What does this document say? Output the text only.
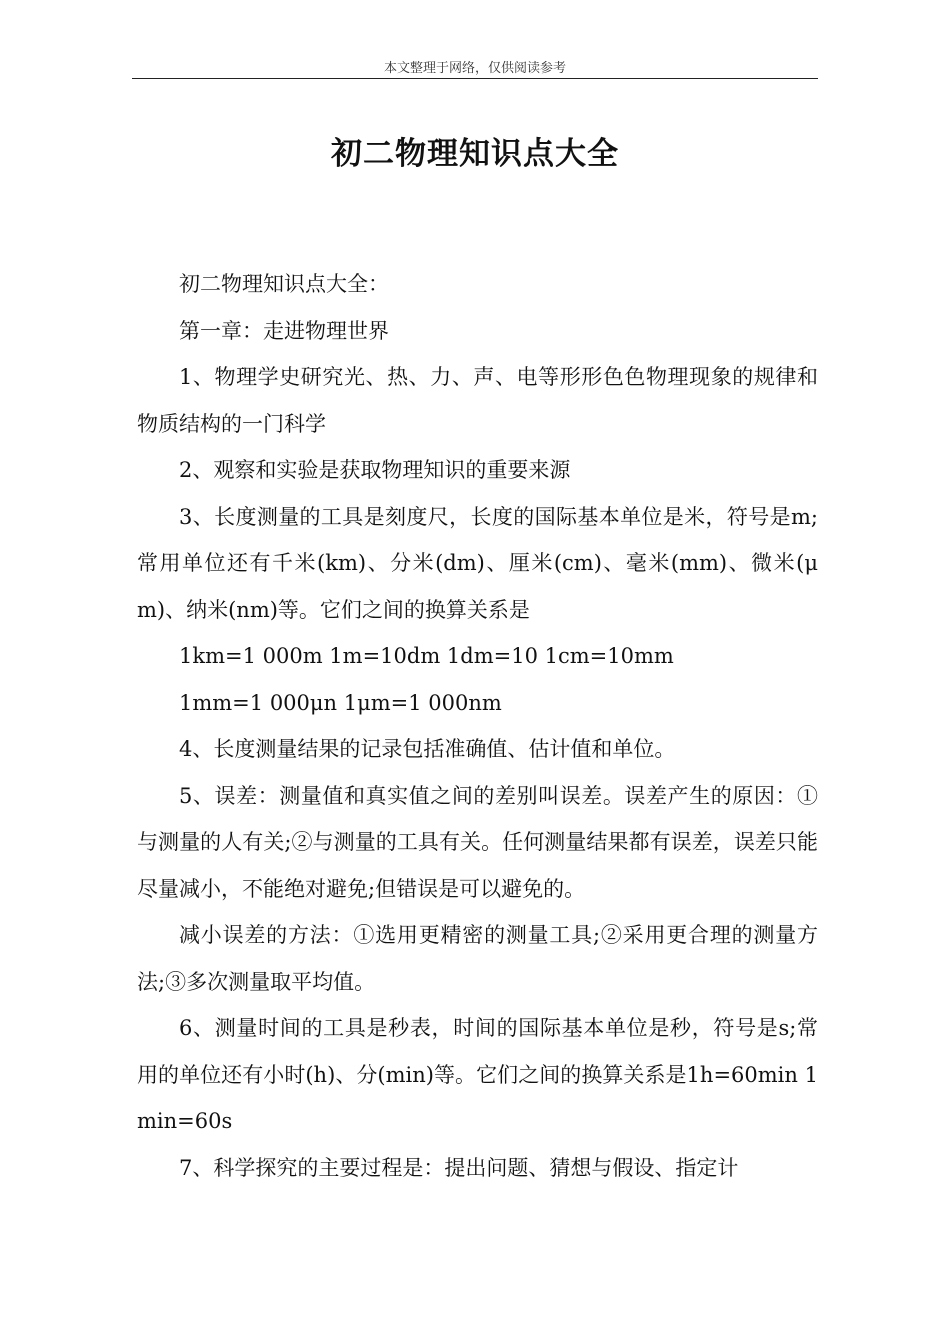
本文整理于网络，仅供阅读参考
初二物理知识点大全

初二物理知识点大全：

第一章：走进物理世界

1、物理学史研究光、热、力、声、电等形形色色物理现象的规律和物质结构的一门科学

2、观察和实验是获取物理知识的重要来源

3、长度测量的工具是刻度尺，长度的国际基本单位是米，符号是m;常用单位还有千米(km)、分米(dm)、厘米(cm)、毫米(mm)、微米(μm)、纳米(nm)等。它们之间的换算关系是

1km=1 000m 1m=10dm 1dm=10 1cm=10mm

1mm=1 000μn 1μm=1 000nm

4、长度测量结果的记录包括准确值、估计值和单位。

5、误差：测量值和真实值之间的差别叫误差。误差产生的原因：①与测量的人有关;②与测量的工具有关。任何测量结果都有误差，误差只能尽量减小，不能绝对避免;但错误是可以避免的。

减小误差的方法：①选用更精密的测量工具;②采用更合理的测量方法;③多次测量取平均值。

6、测量时间的工具是秒表，时间的国际基本单位是秒，符号是s;常用的单位还有小时(h)、分(min)等。它们之间的换算关系是1h=60min 1min=60s

7、科学探究的主要过程是：提出问题、猜想与假设、指定计
